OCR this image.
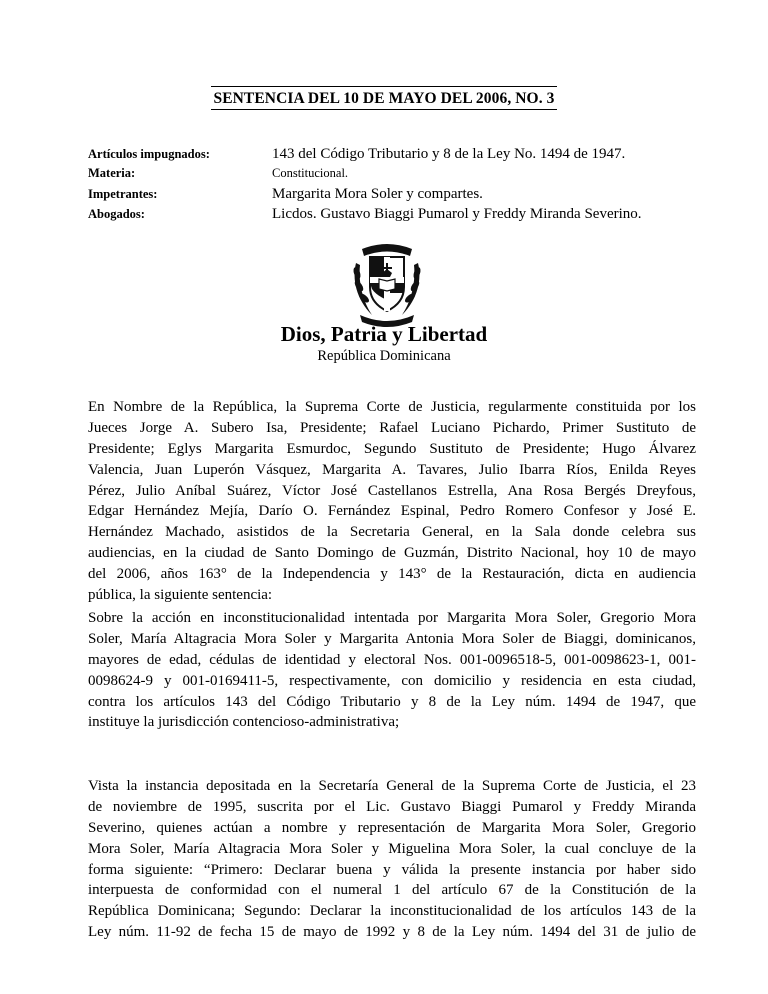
SENTENCIA DEL 10 DE MAYO DEL 2006, NO. 3
Artículos impugnados:	143 del Código Tributario y 8 de la Ley No. 1494 de 1947.
Materia:	Constitucional.
Impetrantes:	Margarita Mora Soler y compartes.
Abogados:	Licdos. Gustavo Biaggi Pumarol y Freddy Miranda Severino.
Dios, Patria y Libertad
República Dominicana
En Nombre de la República, la Suprema Corte de Justicia, regularmente constituida por los
Jueces Jorge A. Subero Isa, Presidente; Rafael Luciano Pichardo, Primer Sustituto de
Presidente; Eglys Margarita Esmurdoc, Segundo Sustituto de Presidente; Hugo Álvarez
Valencia, Juan Luperón Vásquez, Margarita A. Tavares, Julio Ibarra Ríos, Enilda Reyes
Pérez, Julio Aníbal Suárez, Víctor José Castellanos Estrella, Ana Rosa Bergés Dreyfous,
Edgar Hernández Mejía, Darío O. Fernández Espinal, Pedro Romero Confesor y José E.
Hernández Machado, asistidos de la Secretaria General, en la Sala donde celebra sus
audiencias, en la ciudad de Santo Domingo de Guzmán, Distrito Nacional, hoy 10 de mayo
del 2006, años 163° de la Independencia y 143° de la Restauración, dicta en audiencia
pública, la siguiente sentencia:
Sobre la acción en inconstitucionalidad intentada por Margarita Mora Soler, Gregorio Mora
Soler, María Altagracia Mora Soler y Margarita Antonia Mora Soler de Biaggi, dominicanos,
mayores de edad, cédulas de identidad y electoral Nos. 001-0096518-5, 001-0098623-1, 001-
0098624-9 y 001-0169411-5, respectivamente, con domicilio y residencia en esta ciudad,
contra los artículos 143 del Código Tributario y 8 de la Ley núm. 1494 de 1947, que
instituye la jurisdicción contencioso-administrativa;
Vista la instancia depositada en la Secretaría General de la Suprema Corte de Justicia, el 23
de noviembre de 1995, suscrita por el Lic. Gustavo Biaggi Pumarol y Freddy Miranda
Severino, quienes actúan a nombre y representación de Margarita Mora Soler, Gregorio
Mora Soler, María Altagracia Mora Soler y Miguelina Mora Soler, la cual concluye de la
forma siguiente: “Primero: Declarar buena y válida la presente instancia por haber sido
interpuesta de conformidad con el numeral 1 del artículo 67 de la Constitución de la
República Dominicana; Segundo: Declarar la inconstitucionalidad de los artículos 143 de la
Ley núm. 11-92 de fecha 15 de mayo de 1992 y 8 de la Ley núm. 1494 del 31 de julio de
